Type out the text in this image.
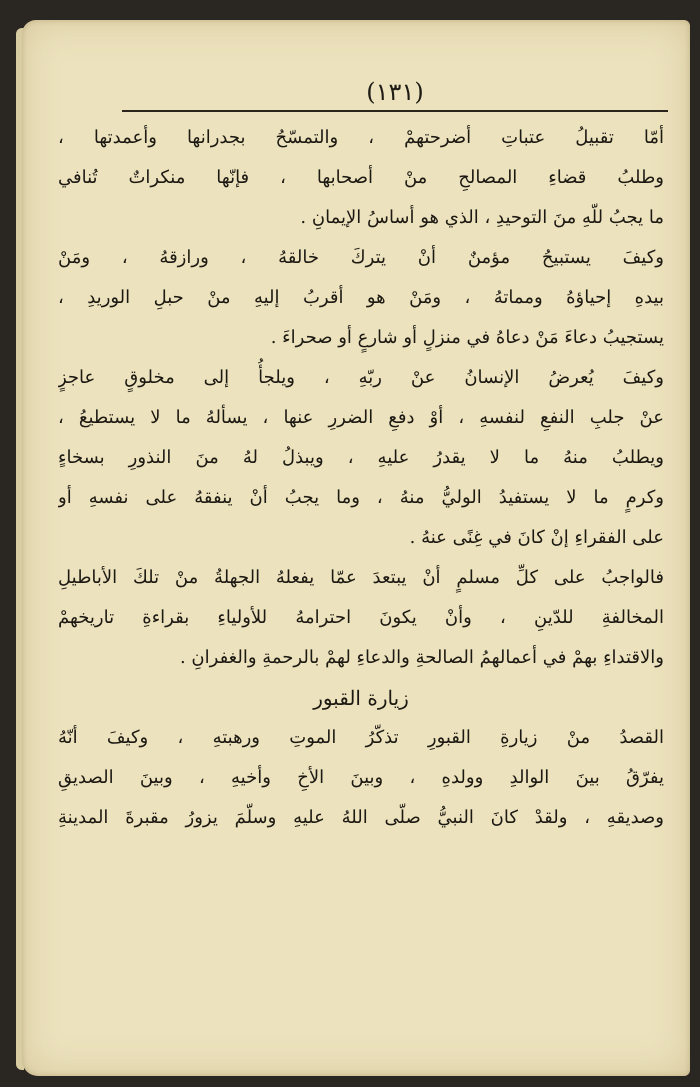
(١٣١)
أمّا تقبيلُ عتباتِ أضرحتهمْ ، والتمسّحُ بجدرانها وأعمدتها ،
وطلبُ قضاءِ المصالحِ منْ أصحابها ، فإنّها منكراتٌ تُنافي
ما يجبُ للّهِ منَ التوحيدِ ، الذي هو أساسُ الإيمانِ .
وكيفَ يستبيحُ مؤمنٌ أنْ يتركَ خالقهُ ، ورازقهُ ، ومَنْ
بيدهِ إحياؤهُ ومماتهُ ، ومَنْ هو أقربُ إليهِ منْ حبلِ الوريدِ ،
يستجيبُ دعاءَ مَنْ دعاهُ في منزلٍ أو شارعٍ أو صحراءَ .
وكيفَ يُعرضُ الإنسانُ عنْ ربّهِ ، ويلجأُ إلى مخلوقٍ عاجزٍ
عنْ جلبِ النفعِ لنفسهِ ، أوْ دفعِ الضررِ عنها ، يسألهُ ما لا يستطيعُ ،
ويطلبُ منهُ ما لا يقدرُ عليهِ ، ويبذلُ لهُ منَ النذورِ بسخاءٍ
وكرمٍ ما لا يستفيدُ الوليُّ منهُ ، وما يجبُ أنْ ينفقهُ على نفسهِ أو
على الفقراءِ إنْ كانَ في غِنًى عنهُ .
فالواجبُ على كلِّ مسلمٍ أنْ يبتعدَ عمّا يفعلهُ الجهلةُ منْ تلكَ الأباطيلِ
المخالفةِ للدّينِ ، وأنْ يكونَ احترامهُ للأولياءِ بقراءةِ تاريخهمْ
والاقتداءِ بهمْ في أعمالهمُ الصالحةِ والدعاءِ لهمْ بالرحمةِ والغفرانِ .
زيارة القبور
القصدُ منْ زيارةِ القبورِ تذكّرُ الموتِ ورهبتهِ ، وكيفَ أنّهُ
يفرّقُ بينَ الوالدِ وولدهِ ، وبينَ الأخِ وأخيهِ ، وبينَ الصديقِ
وصديقهِ ، ولقدْ كانَ النبيُّ صلّى اللهُ عليهِ وسلّمَ يزورُ مقبرةَ المدينةِ
